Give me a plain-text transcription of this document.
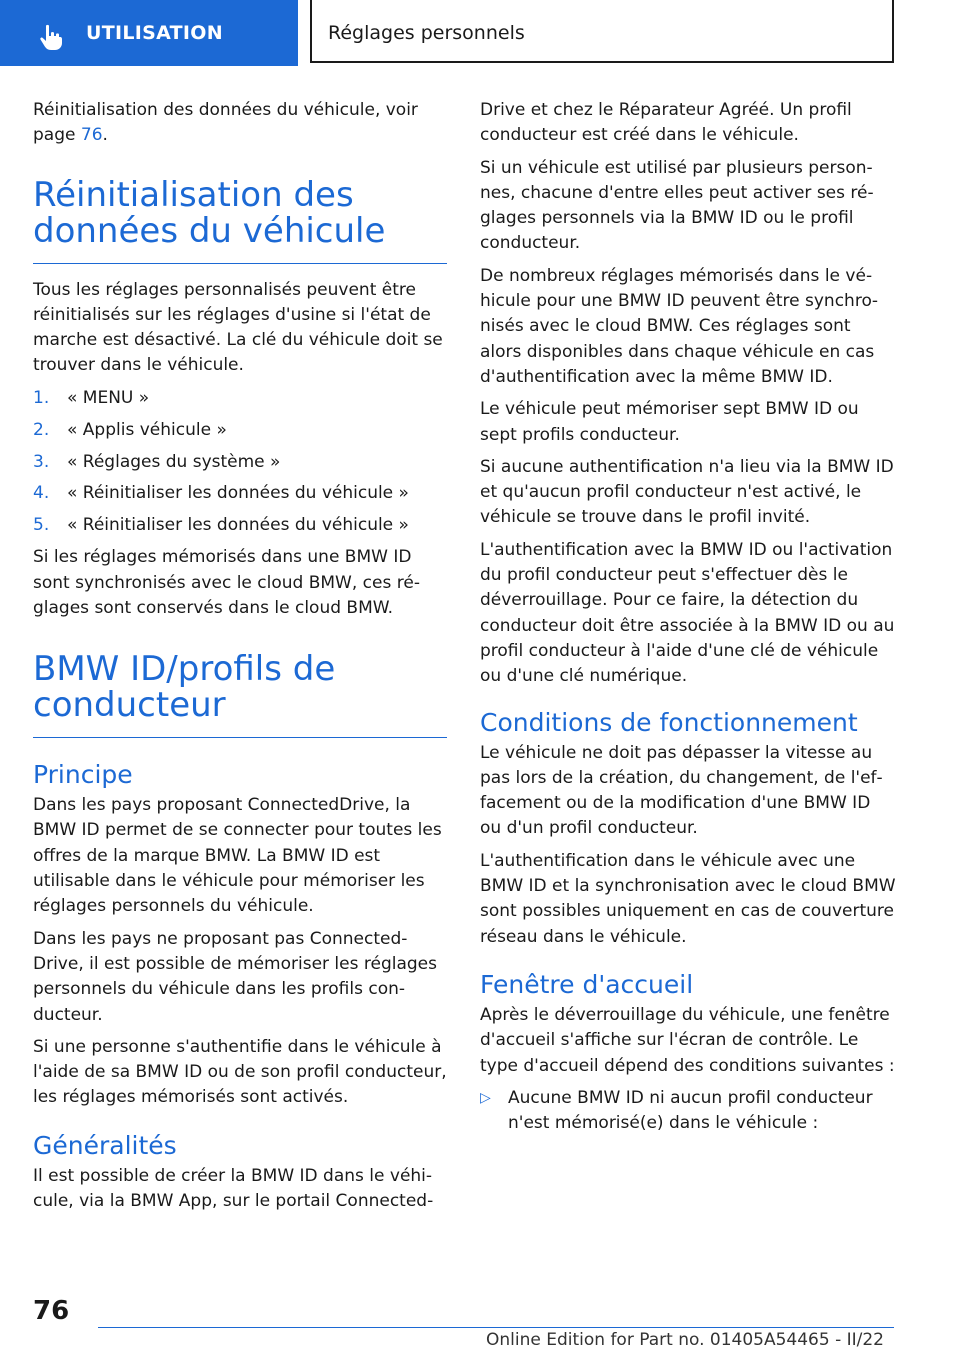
UTILISATION	Réglages personnels

Réinitialisation des données du véhicule, voir page 76.

Réinitialisation des données du véhicule

Tous les réglages personnalisés peuvent être réinitialisés sur les réglages d'usine si l'état de marche est désactivé. La clé du véhicule doit se trouver dans le véhicule.

1.	« MENU »
2.	« Applis véhicule »
3.	« Réglages du système »
4.	« Réinitialiser les données du véhicule »
5.	« Réinitialiser les données du véhicule »

Si les réglages mémorisés dans une BMW ID sont synchronisés avec le cloud BMW, ces réglages sont conservés dans le cloud BMW.

BMW ID/profils de conducteur
Principe

Dans les pays proposant ConnectedDrive, la BMW ID permet de se connecter pour toutes les offres de la marque BMW. La BMW ID est utilisable dans le véhicule pour mémoriser les réglages personnels du véhicule.

Dans les pays ne proposant pas ConnectedDrive, il est possible de mémoriser les réglages personnels du véhicule dans les profils conducteur.

Si une personne s'authentifie dans le véhicule à l'aide de sa BMW ID ou de son profil conducteur, les réglages mémorisés sont activés.

Généralités

Il est possible de créer la BMW ID dans le véhicule, via la BMW App, sur le portail Connected-

Drive et chez le Réparateur Agréé. Un profil conducteur est créé dans le véhicule.

Si un véhicule est utilisé par plusieurs personnes, chacune d'entre elles peut activer ses réglages personnels via la BMW ID ou le profil conducteur.

De nombreux réglages mémorisés dans le véhicule pour une BMW ID peuvent être synchronisés avec le cloud BMW. Ces réglages sont alors disponibles dans chaque véhicule en cas d'authentification avec la même BMW ID.

Le véhicule peut mémoriser sept BMW ID ou sept profils conducteur.

Si aucune authentification n'a lieu via la BMW ID et qu'aucun profil conducteur n'est activé, le véhicule se trouve dans le profil invité.

L'authentification avec la BMW ID ou l'activation du profil conducteur peut s'effectuer dès le déverrouillage. Pour ce faire, la détection du conducteur doit être associée à la BMW ID ou au profil conducteur à l'aide d'une clé de véhicule ou d'une clé numérique.

Conditions de fonctionnement

Le véhicule ne doit pas dépasser la vitesse au pas lors de la création, du changement, de l'effacement ou de la modification d'une BMW ID ou d'un profil conducteur.

L'authentification dans le véhicule avec une BMW ID et la synchronisation avec le cloud BMW sont possibles uniquement en cas de couverture réseau dans le véhicule.

Fenêtre d'accueil

Après le déverrouillage du véhicule, une fenêtre d'accueil s'affiche sur l'écran de contrôle. Le type d'accueil dépend des conditions suivantes :

▷	Aucune BMW ID ni aucun profil conducteur n'est mémorisé(e) dans le véhicule :
76
Online Edition for Part no. 01405A54465 - II/22
